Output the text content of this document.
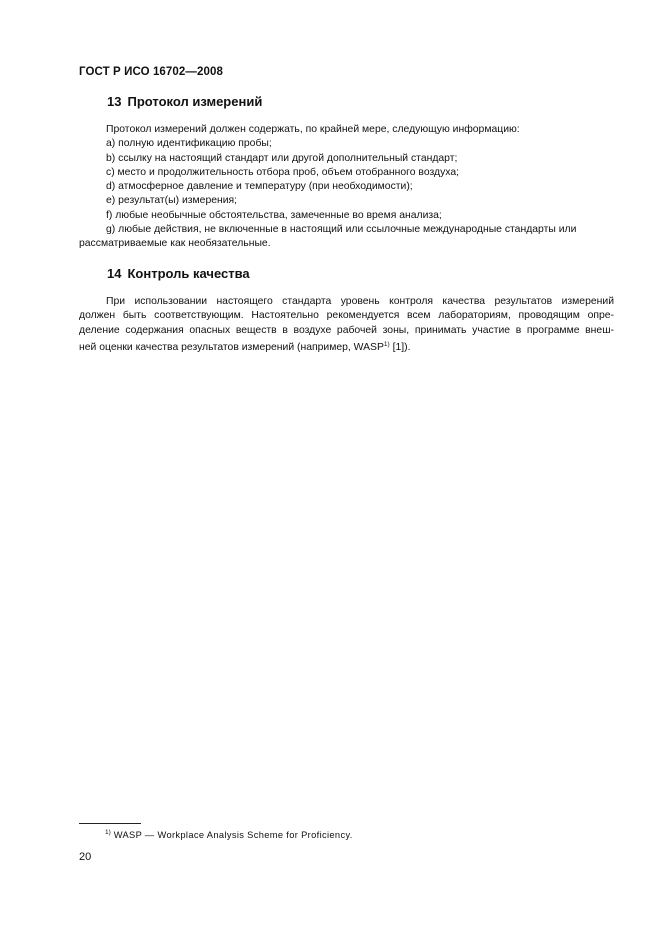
ГОСТ Р ИСО 16702—2008
13 Протокол измерений
Протокол измерений должен содержать, по крайней мере, следующую информацию:
a) полную идентификацию пробы;
b) ссылку на настоящий стандарт или другой дополнительный стандарт;
c) место и продолжительность отбора проб, объем отобранного воздуха;
d) атмосферное давление и температуру (при необходимости);
e) результат(ы) измерения;
f) любые необычные обстоятельства, замеченные во время анализа;
g) любые действия, не включенные в настоящий или ссылочные международные стандарты или
рассматриваемые как необязательные.
14 Контроль качества
При использовании настоящего стандарта уровень контроля качества результатов измерений
должен быть соответствующим. Настоятельно рекомендуется всем лабораториям, проводящим опре-
деление содержания опасных веществ в воздухе рабочей зоны, принимать участие в программе внеш-
ней оценки качества результатов измерений (например, WASP$^{1)}$ [1]).
$^{1)}$ WASP — Workplace Analysis Scheme for Proficiency.
20
